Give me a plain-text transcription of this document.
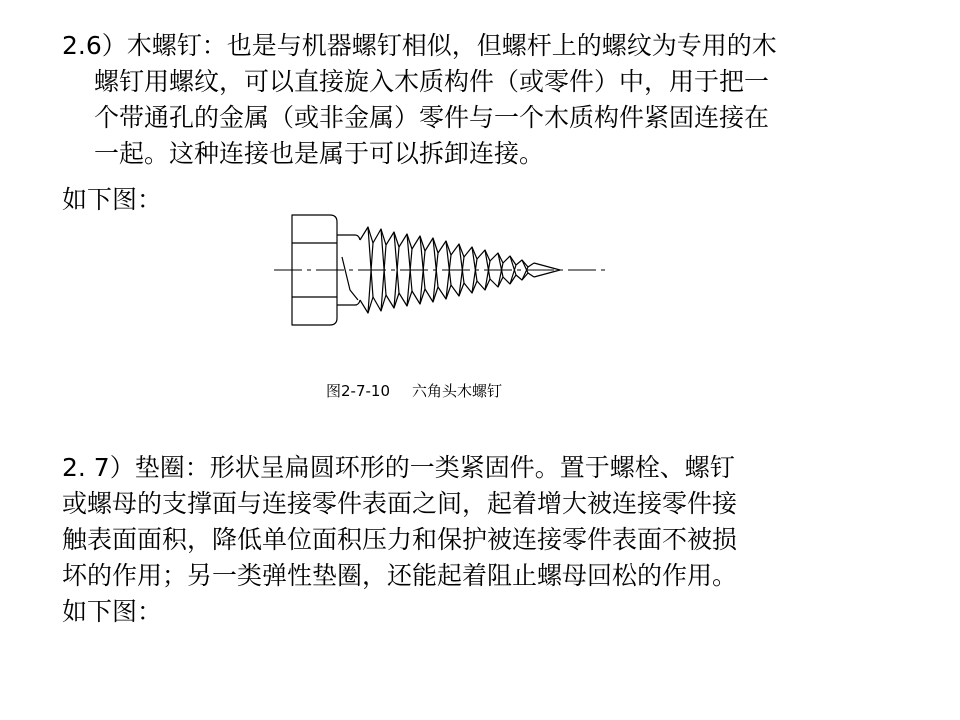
2.6）木螺钉：也是与机器螺钉相似，但螺杆上的螺纹为专用的木
螺钉用螺纹，可以直接旋入木质构件（或零件）中，用于把一
个带通孔的金属（或非金属）零件与一个木质构件紧固连接在
一起。这种连接也是属于可以拆卸连接。
如下图：
图2-7-10 六角头木螺钉
2. 7）垫圈：形状呈扁圆环形的一类紧固件。置于螺栓、螺钉
或螺母的支撑面与连接零件表面之间，起着增大被连接零件接
触表面面积，降低单位面积压力和保护被连接零件表面不被损
坏的作用；另一类弹性垫圈，还能起着阻止螺母回松的作用。
如下图：
